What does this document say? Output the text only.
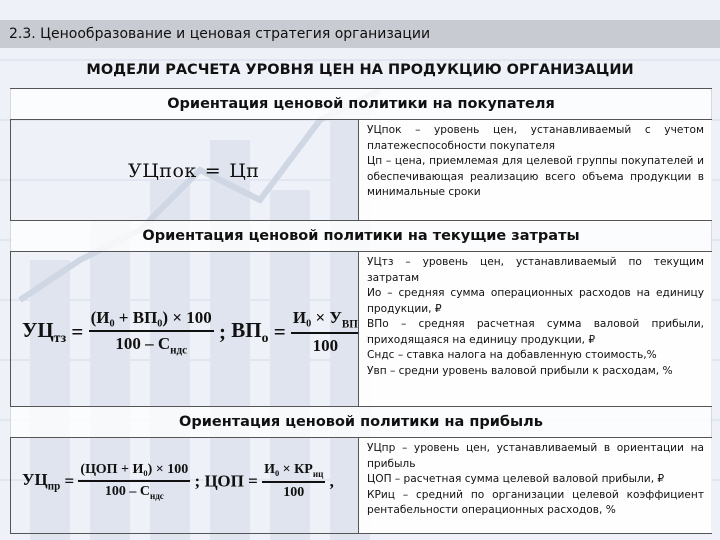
2.3. Ценообразование и ценовая стратегия организации
МОДЕЛИ РАСЧЕТА УРОВНЯ ЦЕН НА ПРОДУКЦИЮ ОРГАНИЗАЦИИ
Ориентация ценовой политики на покупателя
УЦпок = Цп

УЦпок – уровень цен, устанавливаемый с учетом платежеспособности покупателя

Цп – цена, приемлемая для целевой группы покупателей и обеспечивающая реализацию всего объема продукции в минимальные сроки

Ориентация ценовой политики на текущие затраты
$УЦ_{тз} = \frac{\text{(И₀ + ВП₀) × 100}}{100 - С_{ндс}}$ ; $ВП_о = \frac{И_0 \times У_{ВП}}{100}$

УЦтз – уровень цен, устанавливаемый по текущим затратам

Ио – средняя сумма операционных расходов на единицу продукции, ₽

ВПо – средняя расчетная сумма валовой прибыли, приходящаяся на единицу продукции, ₽

Сндс – ставка налога на добавленную стоимость,%

Увп – средни уровень валовой прибыли к расходам, %

Ориентация ценовой политики на прибыль
$УЦ_{пр} = \frac{\text{(ЦОП + И₀) × 100}}{100 - С_{ндс}}$ ; ЦОП = $\frac{И_0 \times КР_{иц}}{100}$ ,

УЦпр – уровень цен, устанавливаемый в ориентации на прибыль

ЦОП – расчетная сумма целевой валовой прибыли, ₽

КРиц – средний по организации целевой коэффициент рентабельности операционных расходов, %
